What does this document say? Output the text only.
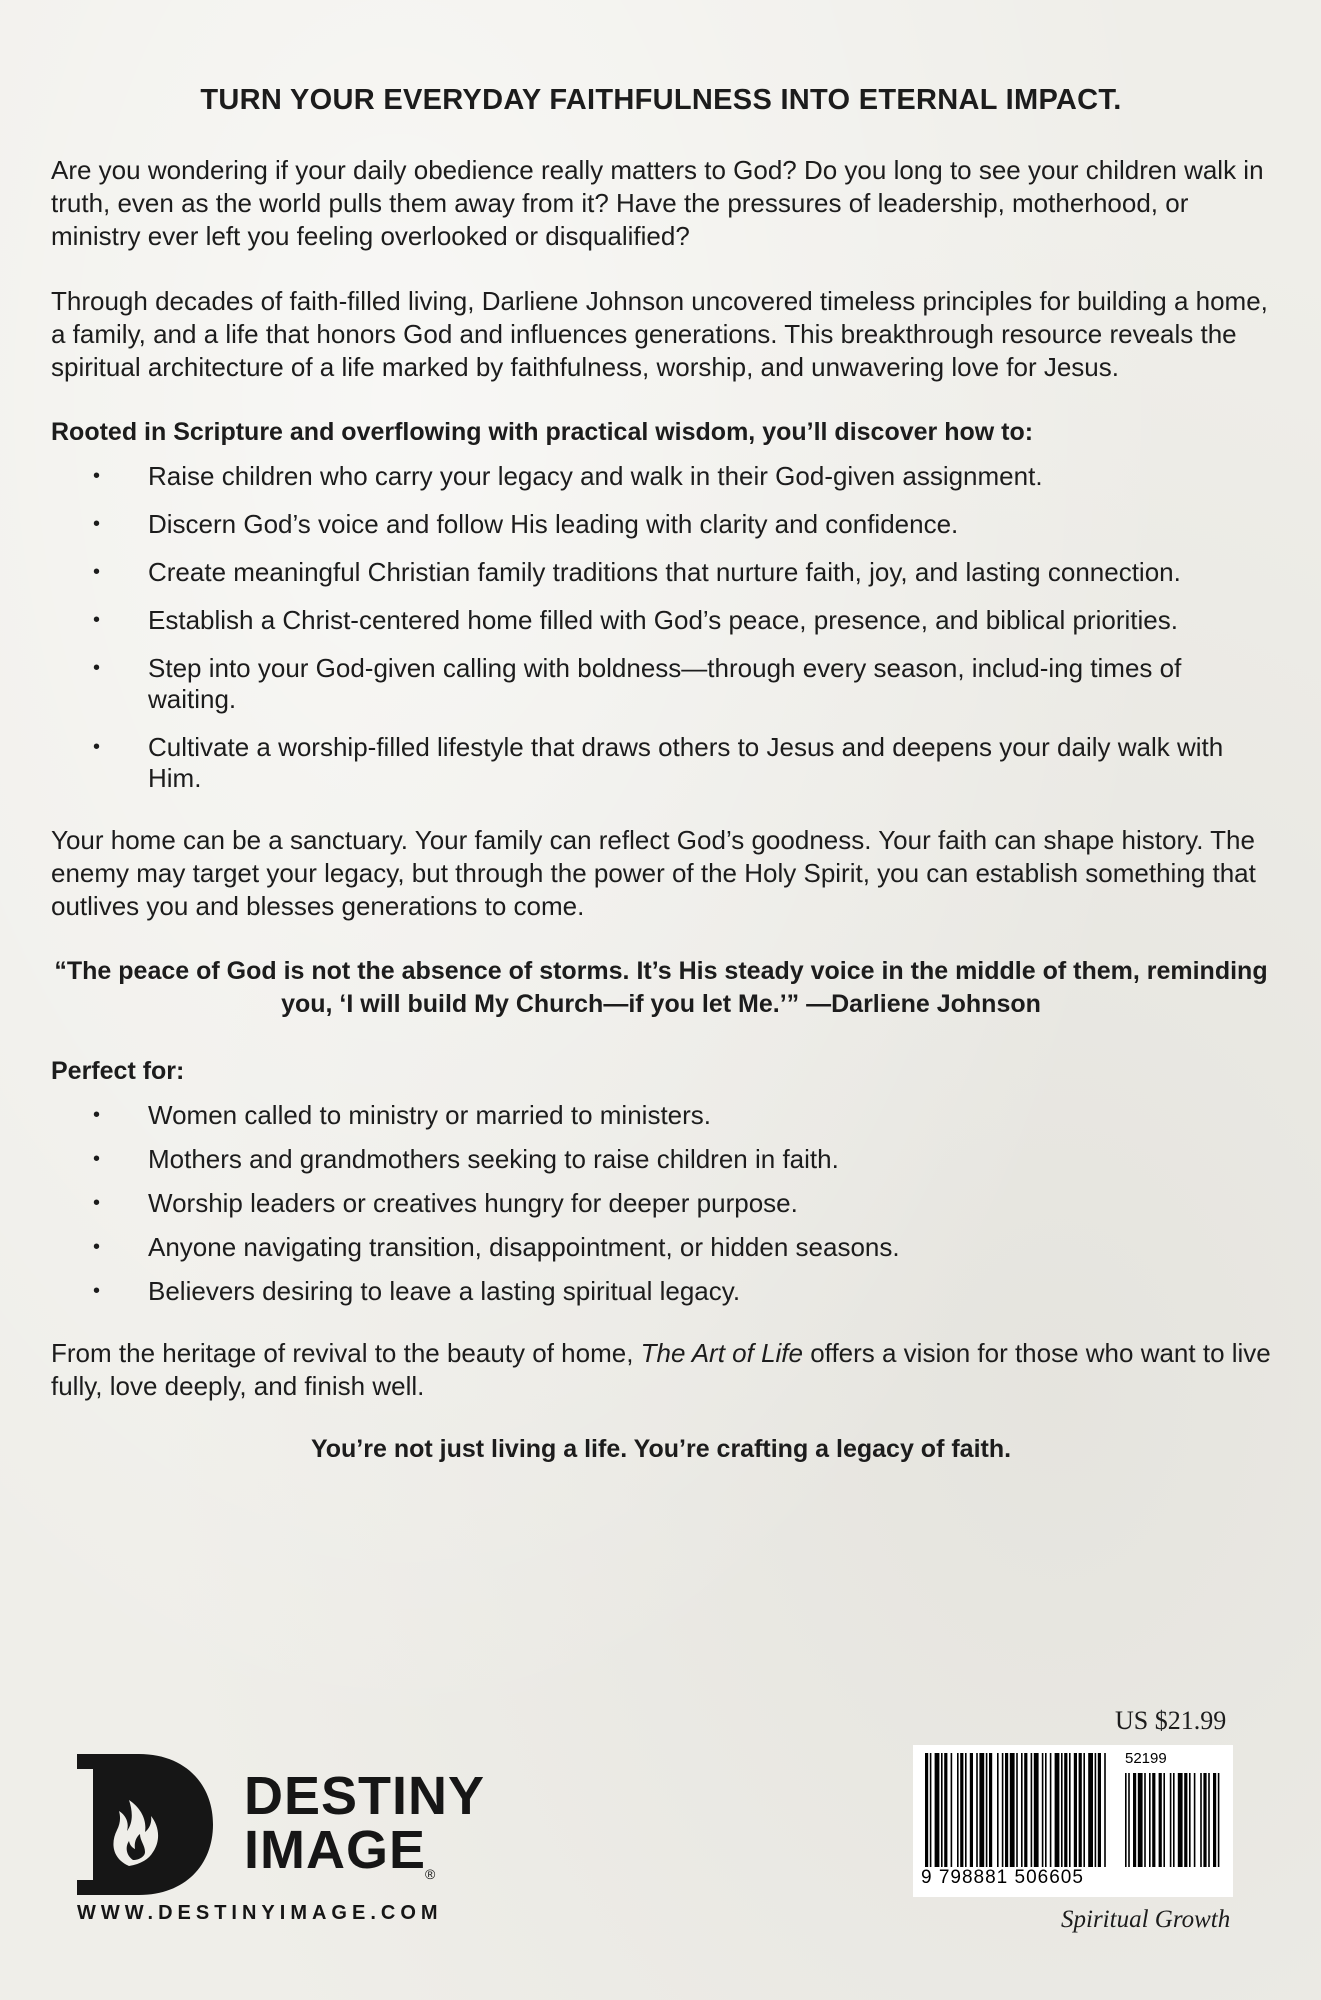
TURN YOUR EVERYDAY FAITHFULNESS INTO ETERNAL IMPACT.

Are you wondering if your daily obedience really matters to God? Do you long to see your children walk in truth, even as the world pulls them away from it? Have the pressures of leadership, motherhood, or ministry ever left you feeling overlooked or disqualified?

Through decades of faith-filled living, Darliene Johnson uncovered timeless principles for building a home, a family, and a life that honors God and influences generations. This breakthrough resource reveals the spiritual architecture of a life marked by faithfulness, worship, and unwavering love for Jesus.

Rooted in Scripture and overflowing with practical wisdom, you’ll discover how to:

• Raise children who carry your legacy and walk in their God-given assignment.
• Discern God’s voice and follow His leading with clarity and confidence.
• Create meaningful Christian family traditions that nurture faith, joy, and lasting connection.
• Establish a Christ-centered home filled with God’s peace, presence, and biblical priorities.
• Step into your God-given calling with boldness—through every season, includ-ing times of waiting.
• Cultivate a worship-filled lifestyle that draws others to Jesus and deepens your daily walk with Him.

Your home can be a sanctuary. Your family can reflect God’s goodness. Your faith can shape history. The enemy may target your legacy, but through the power of the Holy Spirit, you can establish something that outlives you and blesses generations to come.

“The peace of God is not the absence of storms. It’s His steady voice in the middle of them, reminding you, ‘I will build My Church—if you let Me.’” —Darliene Johnson

Perfect for:

• Women called to ministry or married to ministers.
• Mothers and grandmothers seeking to raise children in faith.
• Worship leaders or creatives hungry for deeper purpose.
• Anyone navigating transition, disappointment, or hidden seasons.
• Believers desiring to leave a lasting spiritual legacy.

From the heritage of revival to the beauty of home, The Art of Life offers a vision for those who want to live fully, love deeply, and finish well.

You’re not just living a life. You’re crafting a legacy of faith.

DESTINY
IMAGE
®
WWW.DESTINYIMAGE.COM
US $21.99
52199
9 798881 506605
Spiritual Growth
